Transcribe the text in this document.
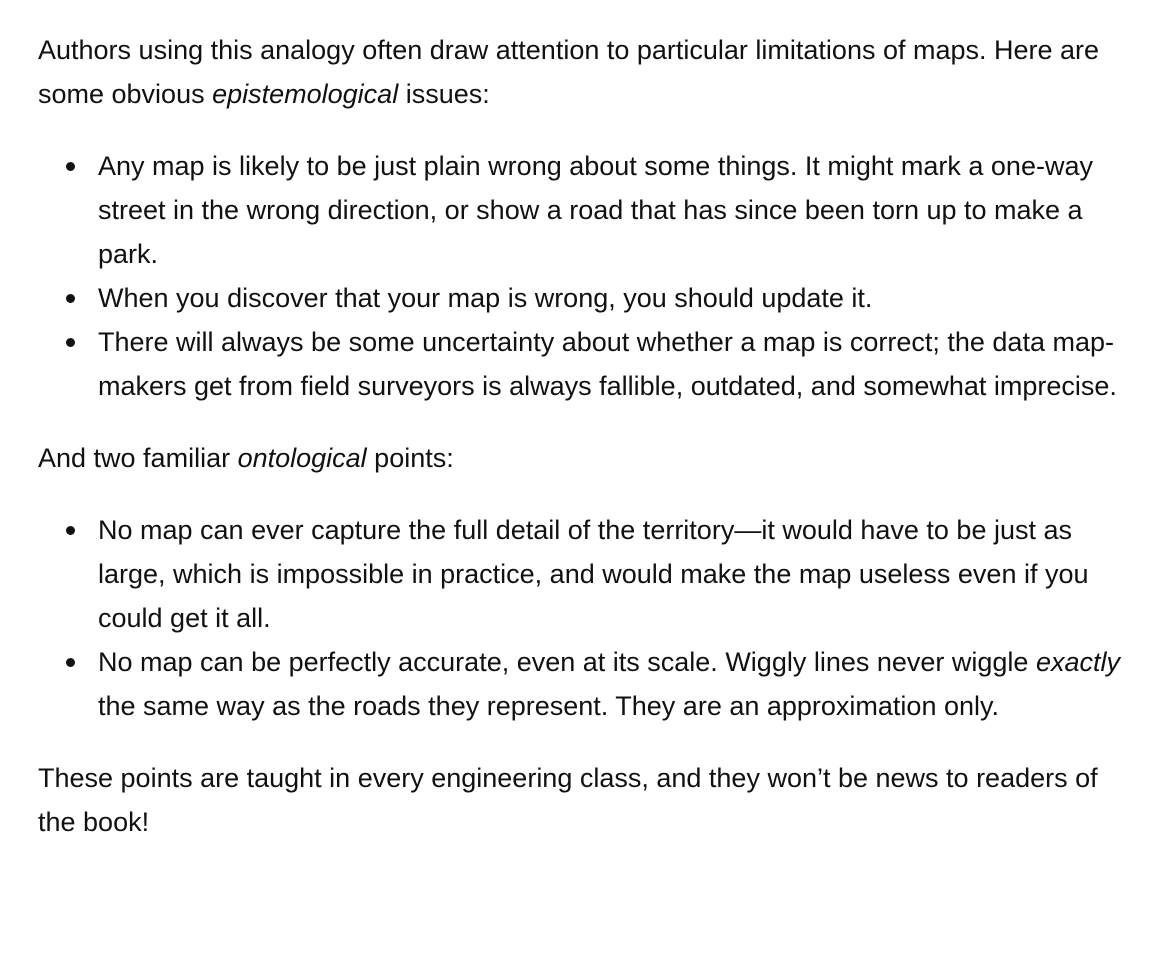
Authors using this analogy often draw attention to particular limitations of maps. Here are some obvious epistemological issues:

Any map is likely to be just plain wrong about some things. It might mark a one-way street in the wrong direction, or show a road that has since been torn up to make a park.
When you discover that your map is wrong, you should update it.
There will always be some uncertainty about whether a map is correct; the data map-makers get from field surveyors is always fallible, outdated, and somewhat imprecise.

And two familiar ontological points:

No map can ever capture the full detail of the territory—it would have to be just as large, which is impossible in practice, and would make the map useless even if you could get it all.
No map can be perfectly accurate, even at its scale. Wiggly lines never wiggle exactly the same way as the roads they represent. They are an approximation only.

These points are taught in every engineering class, and they won’t be news to readers of the book!
